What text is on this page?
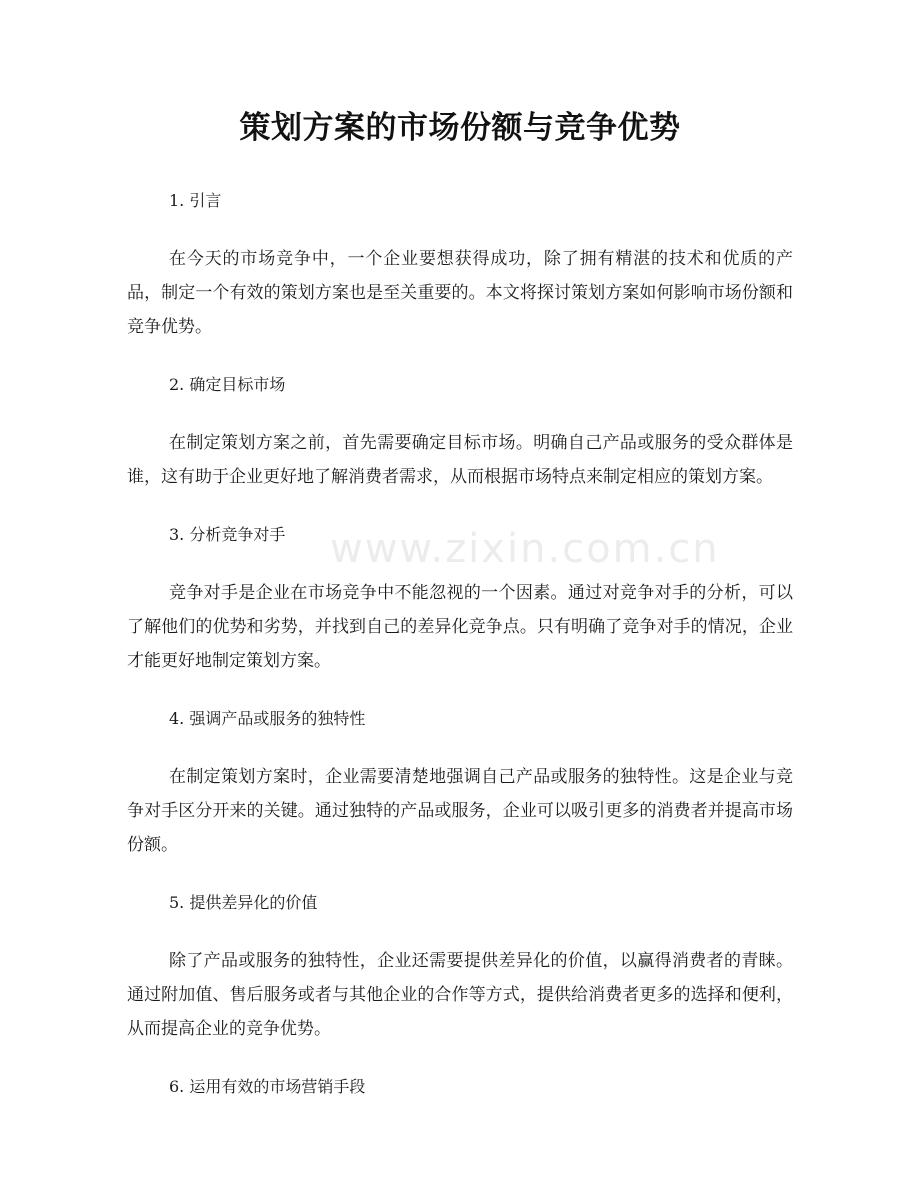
策划方案的市场份额与竞争优势

1. 引言

在今天的市场竞争中，一个企业要想获得成功，除了拥有精湛的技术和优质的产品，制定一个有效的策划方案也是至关重要的。本文将探讨策划方案如何影响市场份额和竞争优势。

2. 确定目标市场

在制定策划方案之前，首先需要确定目标市场。明确自己产品或服务的受众群体是谁，这有助于企业更好地了解消费者需求，从而根据市场特点来制定相应的策划方案。

3. 分析竞争对手

竞争对手是企业在市场竞争中不能忽视的一个因素。通过对竞争对手的分析，可以了解他们的优势和劣势，并找到自己的差异化竞争点。只有明确了竞争对手的情况，企业才能更好地制定策划方案。

4. 强调产品或服务的独特性

在制定策划方案时，企业需要清楚地强调自己产品或服务的独特性。这是企业与竞争对手区分开来的关键。通过独特的产品或服务，企业可以吸引更多的消费者并提高市场份额。

5. 提供差异化的价值

除了产品或服务的独特性，企业还需要提供差异化的价值，以赢得消费者的青睐。通过附加值、售后服务或者与其他企业的合作等方式，提供给消费者更多的选择和便利，从而提高企业的竞争优势。

6. 运用有效的市场营销手段

www.zixin.com.cn
